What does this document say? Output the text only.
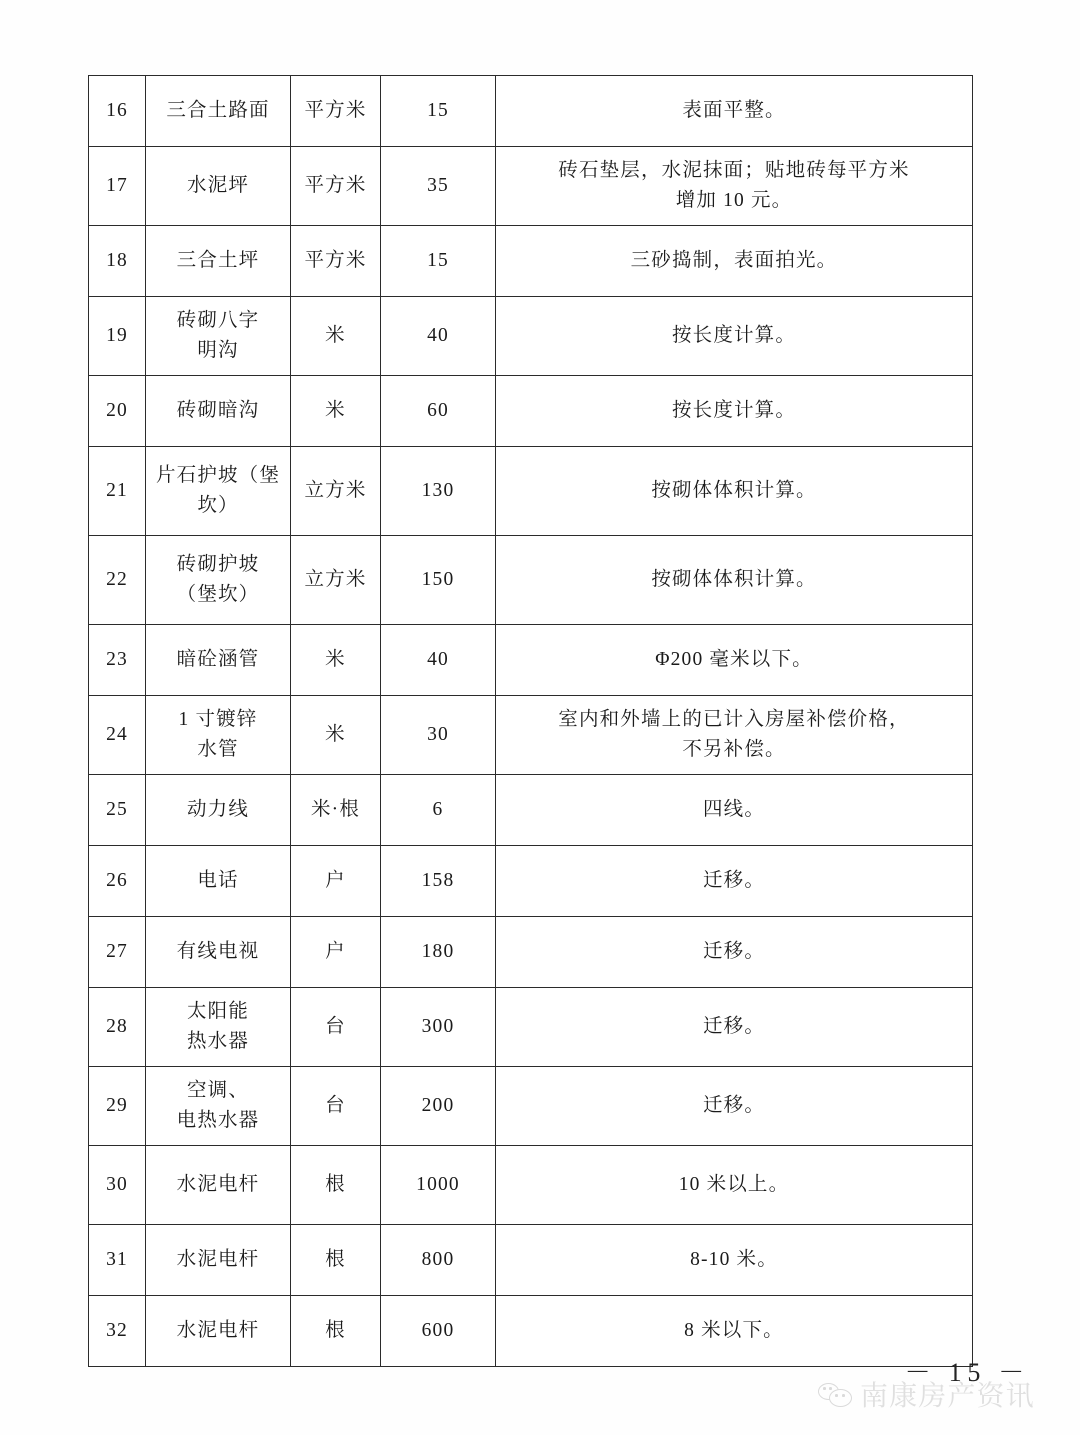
16	三合土路面	平方米	15	表面平整。

17	水泥坪	平方米	35	砖石垫层，水泥抹面；贴地砖每平方米
增加 10 元。

18	三合土坪	平方米	15	三砂捣制，表面拍光。

19	砖砌八字
明沟	米	40	按长度计算。

20	砖砌暗沟	米	60	按长度计算。

21	片石护坡（堡
坎）	立方米	130	按砌体体积计算。

22	砖砌护坡
（堡坎）	立方米	150	按砌体体积计算。

23	暗砼涵管	米	40	Φ200 毫米以下。

24	1 寸镀锌
水管	米	30	室内和外墙上的已计入房屋补偿价格，
不另补偿。

25	动力线	米·根	6	四线。

26	电话	户	158	迁移。

27	有线电视	户	180	迁移。

28	太阳能
热水器	台	300	迁移。

29	空调、
电热水器	台	200	迁移。

30	水泥电杆	根	1000	10 米以上。

31	水泥电杆	根	800	8-10 米。

32	水泥电杆	根	600	8 米以下。
－ 15 －
南康房产资讯
